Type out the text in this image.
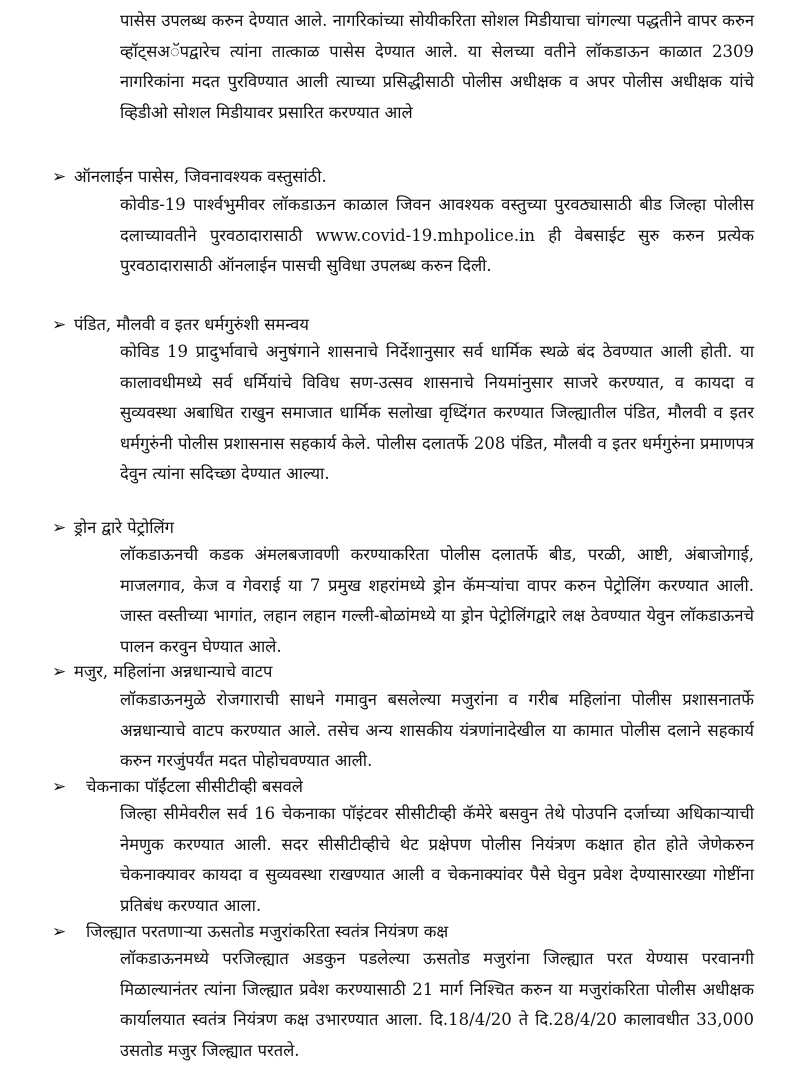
पासेस उपलब्ध करुन देण्यात आले. नागरिकांच्या सोयीकरिता सोशल मिडीयाचा चांगल्या पद्धतीने वापर करुन व्हॉट्सअॅपद्वारेच त्यांना तात्काळ पासेस देण्यात आले. या सेलच्या वतीने लॉकडाऊन काळात 2309 नागरिकांना मदत पुरविण्यात आली त्याच्या प्रसिद्धीसाठी पोलीस अधीक्षक व अपर पोलीस अधीक्षक यांचे व्हिडीओ सोशल मिडीयावर प्रसारित करण्यात आले
➢ ऑनलाईन पासेस, जिवनावश्यक वस्तुसांठी.
कोवीड-19 पार्श्वभुमीवर लॉकडाऊन काळाल जिवन आवश्यक वस्तुच्या पुरवठ्यासाठी बीड जिल्हा पोलीस दलाच्यावतीने पुरवठादारासाठी www.covid-19.mhpolice.in ही वेबसाईट सुरु करुन प्रत्येक पुरवठादारासाठी ऑनलाईन पासची सुविधा उपलब्ध करुन दिली.
➢ पंडित, मौलवी व इतर धर्मगुरुंशी समन्वय
कोविड 19 प्रादुर्भावाचे अनुषंगाने शासनाचे निर्देशानुसार सर्व धार्मिक स्थळे बंद ठेवण्यात आली होती. या कालावधीमध्ये सर्व धर्मियांचे विविध सण-उत्सव शासनाचे नियमांनुसार साजरे करण्यात, व कायदा व सुव्यवस्था अबाधित राखुन समाजात धार्मिक सलोखा वृध्दिंगत करण्यात जिल्ह्यातील पंडित, मौलवी व इतर धर्मगुरुंनी पोलीस प्रशासनास सहकार्य केले. पोलीस दलातर्फे 208 पंडित, मौलवी व इतर धर्मगुरुंना प्रमाणपत्र देवुन त्यांना सदिच्छा देण्यात आल्या.
➢ ड्रोन द्वारे पेट्रोलिंग
लॉकडाऊनची कडक अंमलबजावणी करण्याकरिता पोलीस दलातर्फे बीड, परळी, आष्टी, अंबाजोगाई, माजलगाव, केज व गेवराई या 7 प्रमुख शहरांमध्ये ड्रोन कॅमऱ्यांचा वापर करुन पेट्रोलिंग करण्यात आली. जास्त वस्तीच्या भागांत, लहान लहान गल्ली-बोळांमध्ये या ड्रोन पेट्रोलिंगद्वारे लक्ष ठेवण्यात येवुन लॉकडाऊनचे पालन करवुन घेण्यात आले.
➢ मजुर, महिलांना अन्नधान्याचे वाटप
लॉकडाऊनमुळे रोजगाराची साधने गमावुन बसलेल्या मजुरांना व गरीब महिलांना पोलीस प्रशासनातर्फे अन्नधान्याचे वाटप करण्यात आले. तसेच अन्य शासकीय यंत्रणांनादेखील या कामात पोलीस दलाने सहकार्य करुन गरजुंपर्यंत मदत पोहोचवण्यात आली.
➢ चेकनाका पॉईंटला सीसीटीव्ही बसवले
जिल्हा सीमेवरील सर्व 16 चेकनाका पॉइंटवर सीसीटीव्ही कॅमेरे बसवुन तेथे पोउपनि दर्जाच्या अधिकाऱ्याची नेमणुक करण्यात आली. सदर सीसीटीव्हीचे थेट प्रक्षेपण पोलीस नियंत्रण कक्षात होत होते जेणेकरुन चेकनाक्यावर कायदा व सुव्यवस्था राखण्यात आली व चेकनाक्यांवर पैसे घेवुन प्रवेश देण्यासारख्या गोष्टींना प्रतिबंध करण्यात आला.
➢ जिल्ह्यात परतणाऱ्या ऊसतोड मजुरांकरिता स्वतंत्र नियंत्रण कक्ष
लॉकडाऊनमध्ये परजिल्ह्यात अडकुन पडलेल्या ऊसतोड मजुरांना जिल्ह्यात परत येण्यास परवानगी मिळाल्यानंतर त्यांना जिल्ह्यात प्रवेश करण्यासाठी 21 मार्ग निश्चित करुन या मजुरांकरिता पोलीस अधीक्षक कार्यालयात स्वतंत्र नियंत्रण कक्ष उभारण्यात आला. दि.18/4/20 ते दि.28/4/20 कालावधीत 33,000 उसतोड मजुर जिल्ह्यात परतले.
